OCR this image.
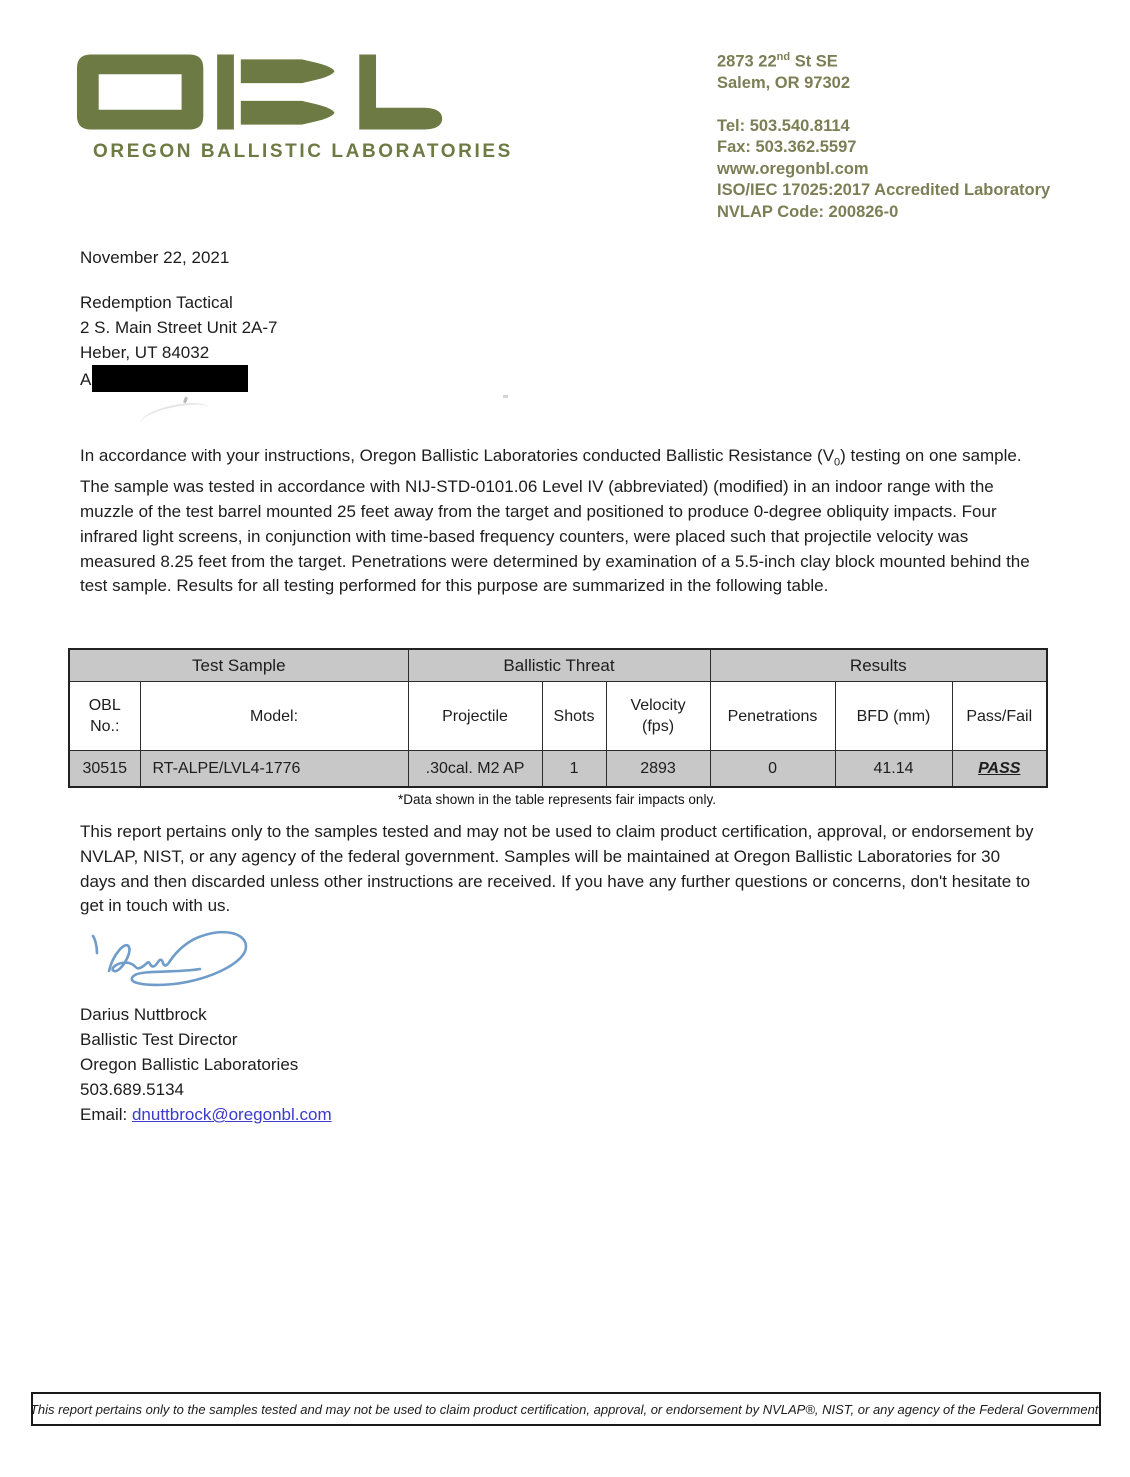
OREGON BALLISTIC LABORATORIES
2873 22nd St SE
Salem, OR 97302
Tel: 503.540.8114
Fax: 503.362.5597
www.oregonbl.com
ISO/IEC 17025:2017 Accredited Laboratory
NVLAP Code: 200826-0
November 22, 2021
Redemption Tactical
2 S. Main Street Unit 2A-7
Heber, UT 84032
A

In accordance with your instructions, Oregon Ballistic Laboratories conducted Ballistic Resistance $(V_0)$ testing on one sample.

The sample was tested in accordance with NIJ-STD-0101.06 Level IV (abbreviated) (modified) in an indoor range with the muzzle of the test barrel mounted 25 feet away from the target and positioned to produce 0-degree obliquity impacts. Four infrared light screens, in conjunction with time-based frequency counters, were placed such that projectile velocity was measured 8.25 feet from the target. Penetrations were determined by examination of a 5.5-inch clay block mounted behind the test sample. Results for all testing performed for this purpose are summarized in the following table.

Test Sample		Ballistic Threat			Results		
OBL No.:	Model:	Projectile	Shots	Velocity (fps)	Penetrations	BFD (mm)	Pass/Fail
30515	RT-ALPE/LVL4-1776	.30cal. M2 AP	1	2893	0	41.14	PASS
*Data shown in the table represents fair impacts only.

This report pertains only to the samples tested and may not be used to claim product certification, approval, or endorsement by NVLAP, NIST, or any agency of the federal government. Samples will be maintained at Oregon Ballistic Laboratories for 30 days and then discarded unless other instructions are received. If you have any further questions or concerns, don't hesitate to get in touch with us.

Darius Nuttbrock
Ballistic Test Director
Oregon Ballistic Laboratories
503.689.5134
Email: dnuttbrock@oregonbl.com
This report pertains only to the samples tested and may not be used to claim product certification, approval, or endorsement by NVLAP®, NIST, or any agency of the Federal Government.
